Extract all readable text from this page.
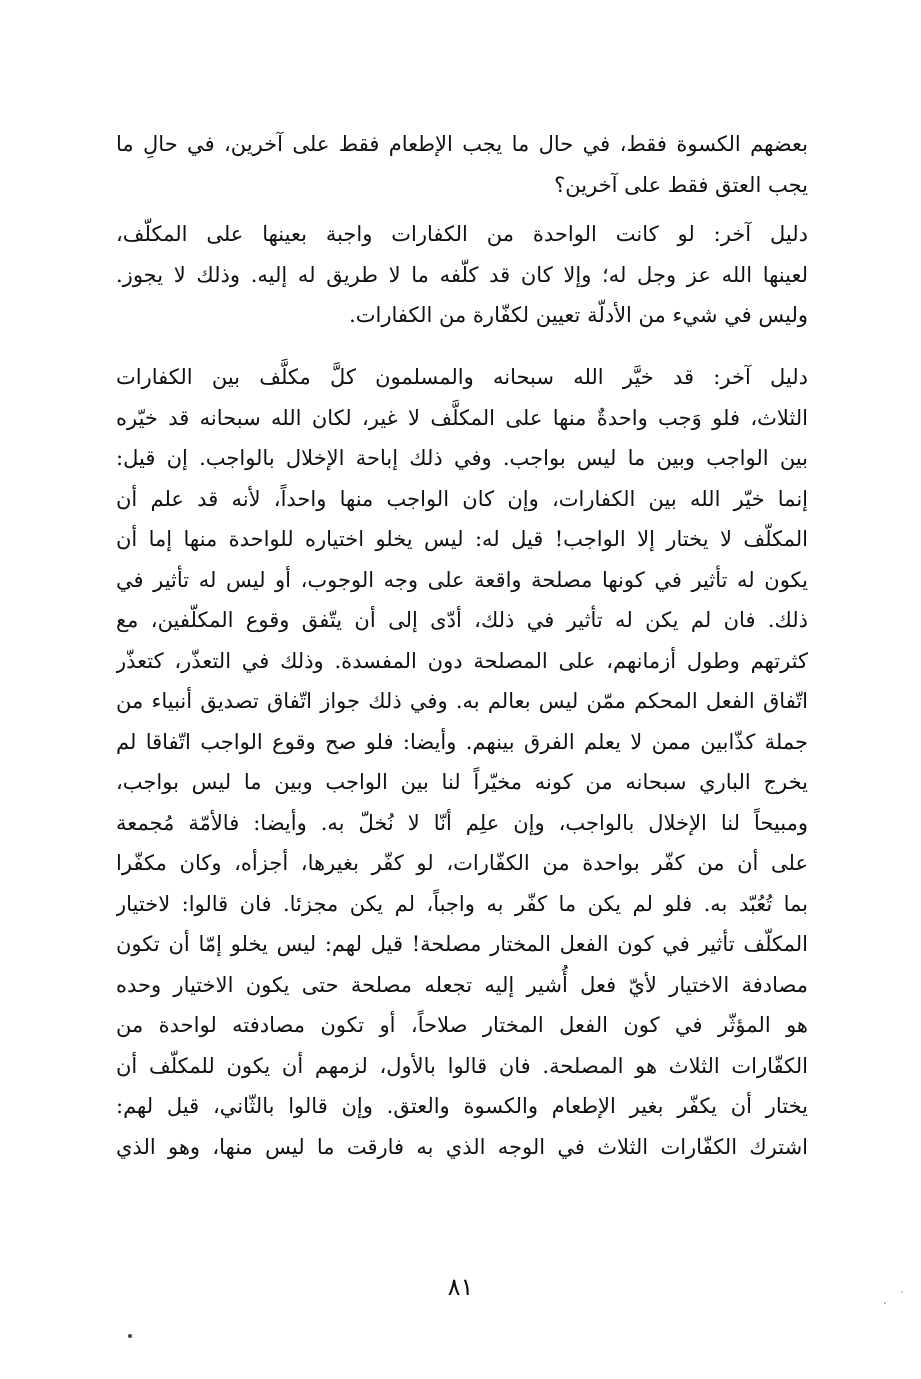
بعضهم الكسوة فقط، في حال ما يجب الإطعام فقط على آخرين، في حالِ ما
يجب العتق فقط على آخرين؟
دليل آخر: لو كانت الواحدة من الكفارات واجبة بعينها على المكلّف،
لعينها الله عز وجل له؛ وإلا كان قد كلّفه ما لا طريق له إليه. وذلك لا يجوز.
وليس في شيء من الأدلّة تعيين لكفّارة من الكفارات.
دليل آخر: قد خيَّر الله سبحانه والمسلمون كلَّ مكلَّف بين الكفارات
الثلاث، فلو وَجب واحدةٌ منها على المكلَّف لا غير، لكان الله سبحانه قد خيّره
بين الواجب وبين ما ليس بواجب. وفي ذلك إباحة الإخلال بالواجب. إن قيل:
إنما خيّر الله بين الكفارات، وإن كان الواجب منها واحداً، لأنه قد علم أن
المكلّف لا يختار إلا الواجب! قيل له: ليس يخلو اختياره للواحدة منها إما أن
يكون له تأثير في كونها مصلحة واقعة على وجه الوجوب، أو ليس له تأثير في
ذلك. فان لم يكن له تأثير في ذلك، أدّى إلى أن يتّفق وقوع المكلّفين، مع
كثرتهم وطول أزمانهم، على المصلحة دون المفسدة. وذلك في التعذّر، كتعذّر
اتّفاق الفعل المحكم ممّن ليس بعالم به. وفي ذلك جواز اتّفاق تصديق أنبياء من
جملة كذّابين ممن لا يعلم الفرق بينهم. وأيضا: فلو صح وقوع الواجب اتّفاقا لم
يخرج الباري سبحانه من كونه مخيّراً لنا بين الواجب وبين ما ليس بواجب،
ومبيحاً لنا الإخلال بالواجب، وإن علِم أنّا لا نُخلّ به. وأيضا: فالأمّة مُجمعة
على أن من كفّر بواحدة من الكفّارات، لو كفّر بغيرها، أجزأه، وكان مكفّرا
بما تُعُبّد به. فلو لم يكن ما كفّر به واجباً، لم يكن مجزئا. فان قالوا: لاختيار
المكلّف تأثير في كون الفعل المختار مصلحة! قيل لهم: ليس يخلو إمّا أن تكون
مصادفة الاختيار لأيّ فعل أُشير إليه تجعله مصلحة حتى يكون الاختيار وحده
هو المؤثّر في كون الفعل المختار صلاحاً، أو تكون مصادفته لواحدة من
الكفّارات الثلاث هو المصلحة. فان قالوا بالأول، لزمهم أن يكون للمكلّف أن
يختار أن يكفّر بغير الإطعام والكسوة والعتق. وإن قالوا بالثّاني، قيل لهم:
اشترك الكفّارات الثلاث في الوجه الذي به فارقت ما ليس منها، وهو الذي
٨١
